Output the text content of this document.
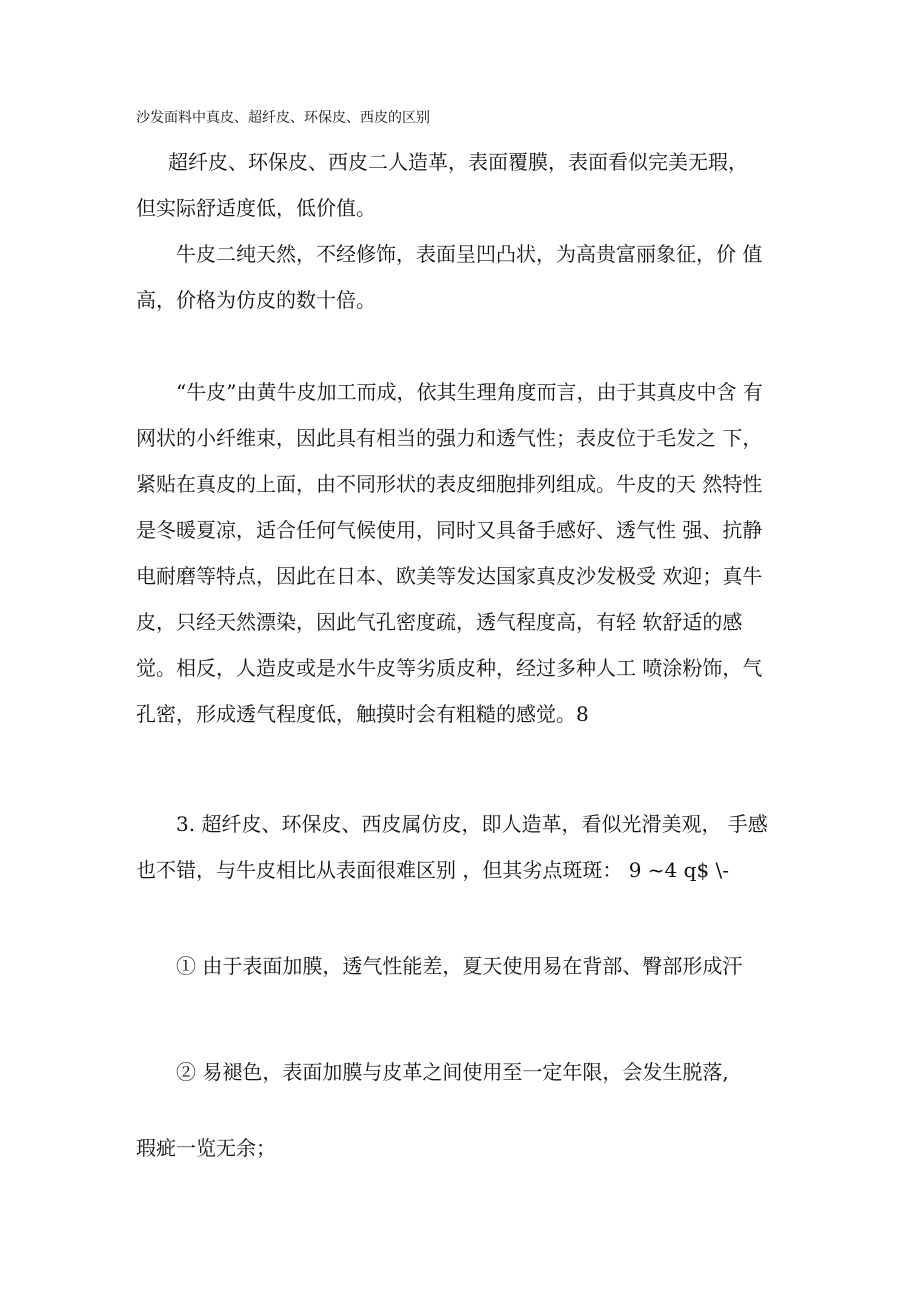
沙发面料中真皮、超纤皮、环保皮、西皮的区别
超纤皮、环保皮、西皮二人造革，表面覆膜，表面看似完美无瑕，
但实际舒适度低，低价值。
牛皮二纯天然，不经修饰，表面呈凹凸状，为高贵富丽象征，价 值
高，价格为仿皮的数十倍。
“牛皮”由黄牛皮加工而成，依其生理角度而言，由于其真皮中含 有
网状的小纤维束，因此具有相当的强力和透气性；表皮位于毛发之 下，
紧贴在真皮的上面，由不同形状的表皮细胞排列组成。牛皮的天 然特性
是冬暖夏凉，适合任何气候使用，同时又具备手感好、透气性 强、抗静
电耐磨等特点，因此在日本、欧美等发达国家真皮沙发极受 欢迎；真牛
皮，只经天然漂染，因此气孔密度疏，透气程度高，有轻 软舒适的感
觉。相反，人造皮或是水牛皮等劣质皮种，经过多种人工 喷涂粉饰，气
孔密，形成透气程度低，触摸时会有粗糙的感觉。8
3. 超纤皮、环保皮、西皮属仿皮，即人造革，看似光滑美观， 手感
也不错，与牛皮相比从表面很难区别 ，但其劣点斑斑： 9 ~4 q$ \-
① 由于表面加膜，透气性能差，夏天使用易在背部、臀部形成汗
② 易褪色，表面加膜与皮革之间使用至一定年限，会发生脱落,
瑕疵一览无余；
